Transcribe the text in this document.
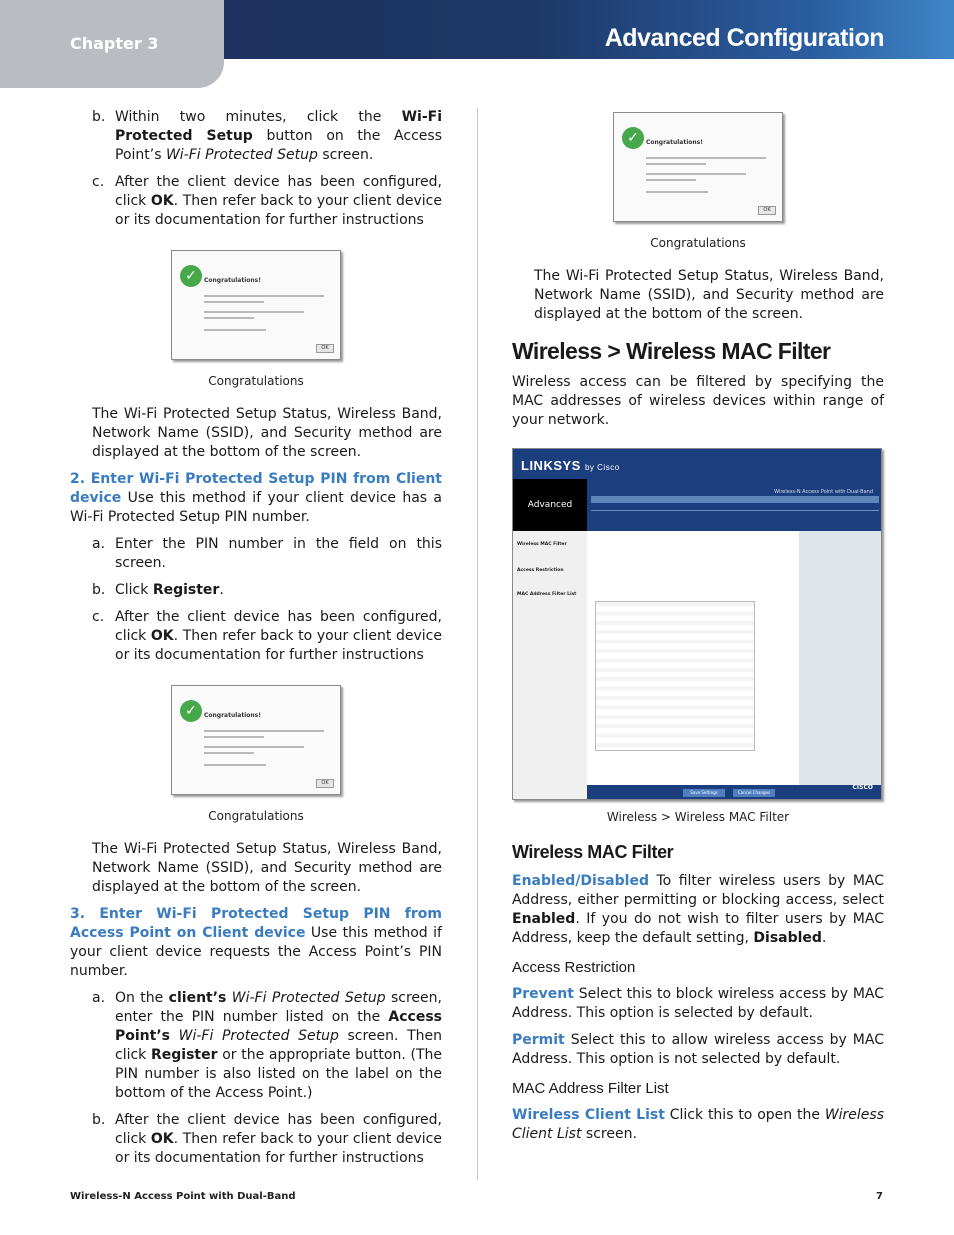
Chapter 3	Advanced Configuration
b. Within two minutes, click the Wi-Fi Protected Setup button on the Access Point’s Wi-Fi Protected Setup screen.
c. After the client device has been configured, click OK. Then refer back to your client device or its documentation for further instructions
✓	Congratulations!
OK
Congratulations

The Wi-Fi Protected Setup Status, Wireless Band, Network Name (SSID), and Security method are displayed at the bottom of the screen.

2. Enter Wi-Fi Protected Setup PIN from Client device Use this method if your client device has a Wi-Fi Protected Setup PIN number.

a. Enter the PIN number in the field on this screen.
b. Click Register.
c. After the client device has been configured, click OK. Then refer back to your client device or its documentation for further instructions
✓	Congratulations!
OK
Congratulations

The Wi-Fi Protected Setup Status, Wireless Band, Network Name (SSID), and Security method are displayed at the bottom of the screen.

3. Enter Wi-Fi Protected Setup PIN from Access Point on Client device Use this method if your client device requests the Access Point’s PIN number.

a. On the client’s Wi-Fi Protected Setup screen, enter the PIN number listed on the Access Point’s Wi-Fi Protected Setup screen. Then click Register or the appropriate button. (The PIN number is also listed on the label on the bottom of the Access Point.)
b. After the client device has been configured, click OK. Then refer back to your client device or its documentation for further instructions
✓	Congratulations!
OK
Congratulations

The Wi-Fi Protected Setup Status, Wireless Band, Network Name (SSID), and Security method are displayed at the bottom of the screen.

Wireless > Wireless MAC Filter

Wireless access can be filtered by specifying the MAC addresses of wireless devices within range of your network.

LINKSYS by Cisco
Advanced
Wireless-N Access Point with Dual-Band
Wireless MAC Filter
Access Restriction
MAC Address Filter List
Save Settings	Cancel Changes
CISCO
Wireless > Wireless MAC Filter
Wireless MAC Filter

Enabled/Disabled To filter wireless users by MAC Address, either permitting or blocking access, select Enabled. If you do not wish to filter users by MAC Address, keep the default setting, Disabled.

Access Restriction

Prevent Select this to block wireless access by MAC Address. This option is selected by default.

Permit Select this to allow wireless access by MAC Address. This option is not selected by default.

MAC Address Filter List

Wireless Client List Click this to open the Wireless Client List screen.

Wireless-N Access Point with Dual-Band	7
